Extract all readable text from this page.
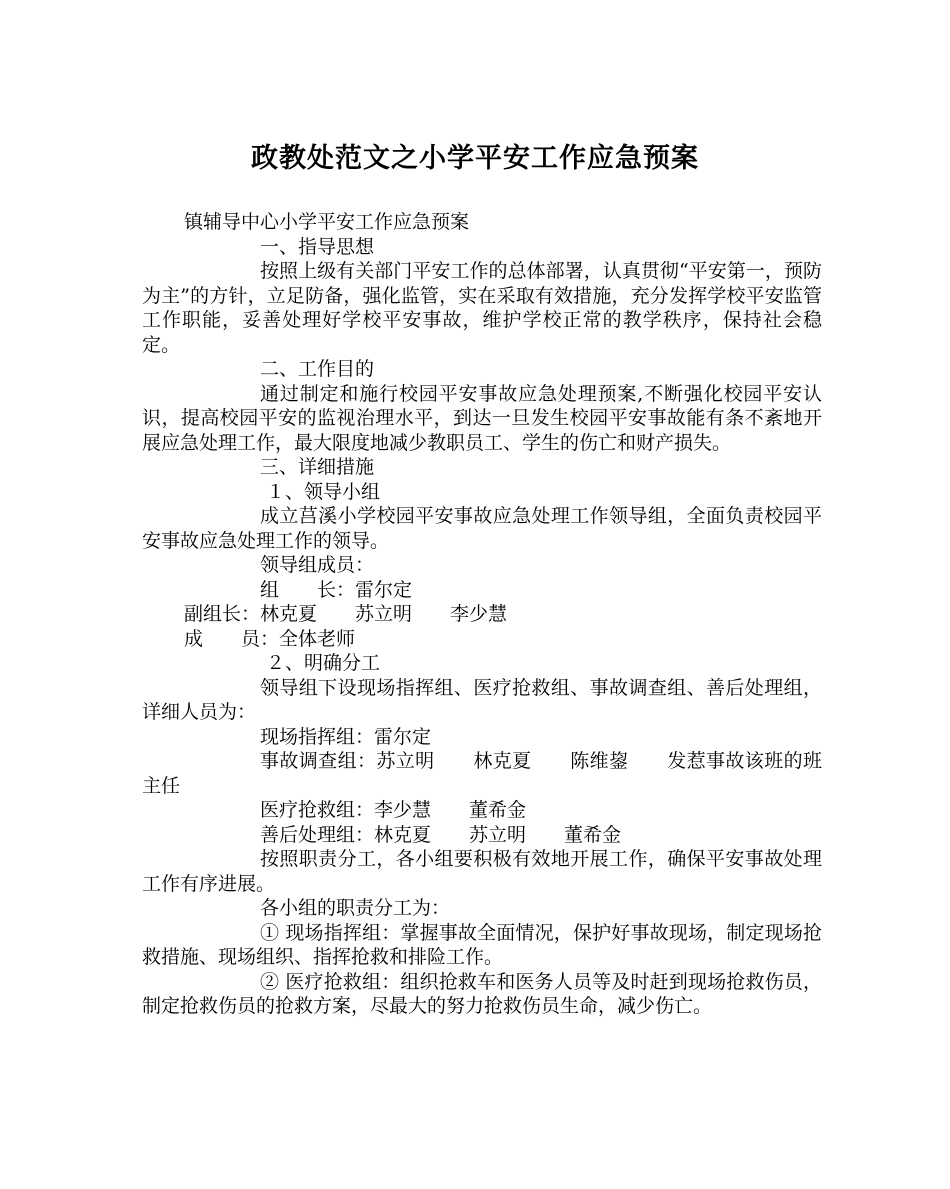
政教处范文之小学平安工作应急预案

镇辅导中心小学平安工作应急预案

一、指导思想

按照上级有关部门平安工作的总体部署，认真贯彻“平安第一，预防为主”的方针，立足防备，强化监管，实在采取有效措施，充分发挥学校平安监管工作职能，妥善处理好学校平安事故，维护学校正常的教学秩序，保持社会稳定。

二、工作目的

通过制定和施行校园平安事故应急处理预案,不断强化校园平安认识，提高校园平安的监视治理水平，到达一旦发生校园平安事故能有条不紊地开展应急处理工作，最大限度地减少教职员工、学生的伤亡和财产损失。

三、详细措施

１、领导小组

成立莒溪小学校园平安事故应急处理工作领导组，全面负责校园平安事故应急处理工作的领导。

领导组成员：

组　　长：雷尔定

副组长：林克夏　　苏立明　　李少慧

成　　员：全体老师

２、明确分工

领导组下设现场指挥组、医疗抢救组、事故调查组、善后处理组，详细人员为：

现场指挥组：雷尔定

事故调查组：苏立明　　林克夏　　陈维鋆　　发惹事故该班的班主任

医疗抢救组：李少慧　　董希金

善后处理组：林克夏　　苏立明　　董希金

按照职责分工，各小组要积极有效地开展工作，确保平安事故处理工作有序进展。

各小组的职责分工为：

① 现场指挥组：掌握事故全面情况，保护好事故现场，制定现场抢救措施、现场组织、指挥抢救和排险工作。

② 医疗抢救组：组织抢救车和医务人员等及时赶到现场抢救伤员，制定抢救伤员的抢救方案，尽最大的努力抢救伤员生命，减少伤亡。
